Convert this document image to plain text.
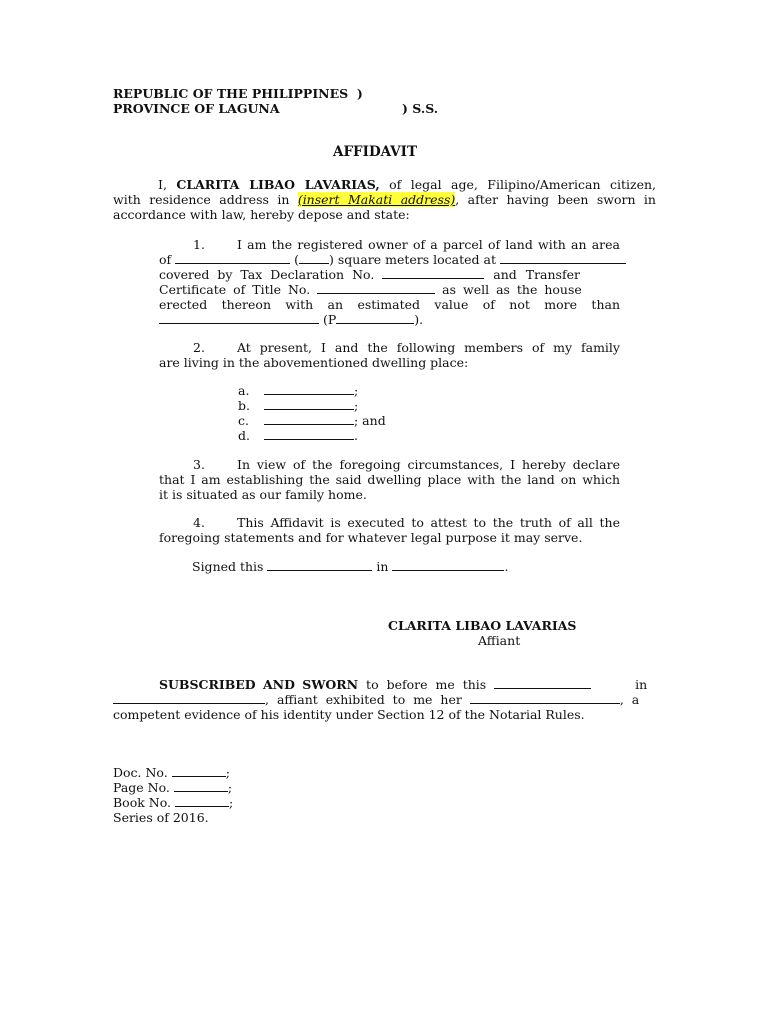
REPUBLIC OF THE PHILIPPINES  )
PROVINCE OF LAGUNA	) S.S.
AFFIDAVIT
I, CLARITA LIBAO LAVARIAS, of legal age, Filipino/American citizen,
with residence address in (insert Makati address), after having been sworn in
accordance with law, hereby depose and state:
1.	I am the registered owner of a parcel of land with an area
of	( ) square meters located at
covered by Tax Declaration No.	and Transfer
Certificate of Title No.	as well as the house
erected thereon with an estimated value of not more than
(P	).
2.	At present, I and the following members of my family
are living in the abovementioned dwelling place:
a.	;
b.	;
c.	; and
d.	.
3.	In view of the foregoing circumstances, I hereby declare
that I am establishing the said dwelling place with the land on which
it is situated as our family home.
4.	This Affidavit is executed to attest to the truth of all the
foregoing statements and for whatever legal purpose it may serve.
Signed this	in	.
CLARITA LIBAO LAVARIAS
Affiant
SUBSCRIBED AND SWORN to before me this	in
, affiant exhibited to me her	, a
competent evidence of his identity under Section 12 of the Notarial Rules.
Doc. No.	;
Page No.	;
Book No.	;
Series of 2016.
